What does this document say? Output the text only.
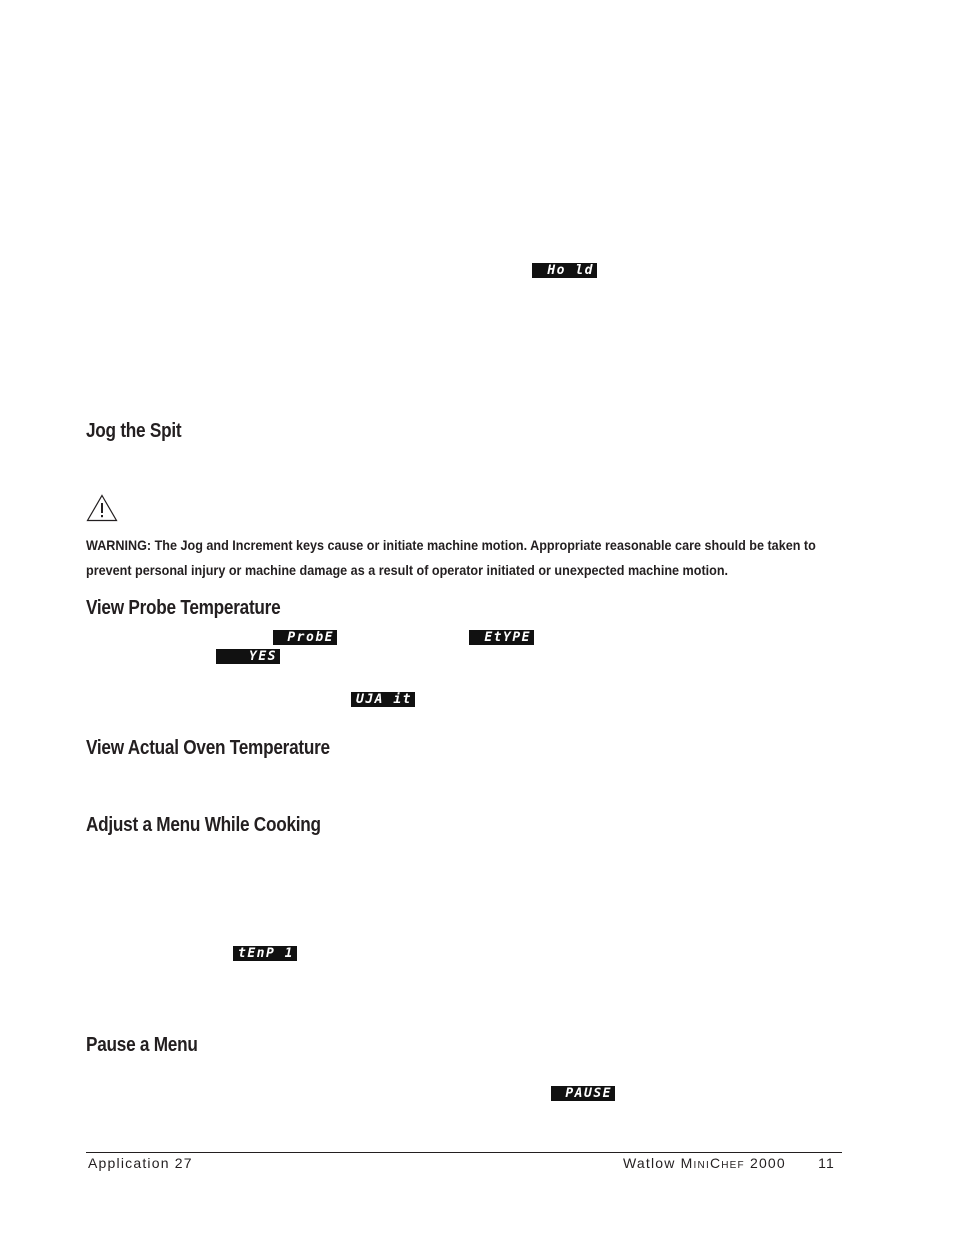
Ho ld
Jog the Spit
WARNING: The Jog and Increment keys cause or initiate machine motion. Appropriate reasonable care should be taken to prevent personal injury or machine damage as a result of operator initiated or unexpected machine motion.
View Probe Temperature
ProbE	EtYPE
YES
UJA it
View Actual Oven Temperature
Adjust a Menu While Cooking
tEnP 1
Pause a Menu
PAUSE
Application 27	Watlow MINICHEF 2000 11
